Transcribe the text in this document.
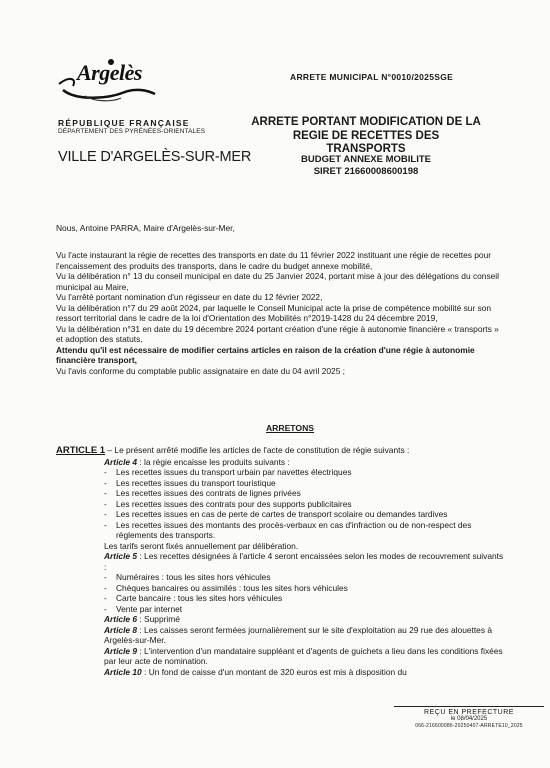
Argelès
RÉPUBLIQUE FRANÇAISE
DÉPARTEMENT DES PYRÉNÉES-ORIENTALES
VILLE D'ARGELÈS-SUR-MER
ARRETE MUNICIPAL N°0010/2025SGE
ARRETE PORTANT MODIFICATION DE LA
REGIE DE RECETTES DES
TRANSPORTS
BUDGET ANNEXE MOBILITE
SIRET 21660008600198
Nous, Antoine PARRA, Maire d'Argelès-sur-Mer,

Vu l'acte instaurant la régie de recettes des transports en date du 11 février 2022 instituant une régie de recettes pour l'encaissement des produits des transports, dans le cadre du budget annexe mobilité,

Vu la délibération n° 13 du conseil municipal en date du 25 Janvier 2024, portant mise à jour des délégations du conseil municipal au Maire,

Vu l'arrêté portant nomination d'un régisseur en date du 12 février 2022,

Vu la délibération n°7 du 29 août 2024, par laquelle le Conseil Municipal acte la prise de compétence mobilité sur son ressort territorial dans le cadre de la loi d'Orientation des Mobilités n°2019-1428 du 24 décembre 2019,

Vu la délibération n°31 en date du 19 décembre 2024 portant création d'une régie à autonomie financière « transports » et adoption des statuts,

Attendu qu'il est nécessaire de modifier certains articles en raison de la création d'une régie à autonomie financière transport,

Vu l'avis conforme du comptable public assignataire en date du 04 avril 2025 ;

ARRETONS
ARTICLE 1 – Le présent arrêté modifie les articles de l'acte de constitution de régie suivants :
Article 4 : la régie encaisse les produits suivants :
- Les recettes issues du transport urbain par navettes électriques
- Les recettes issues du transport touristique
- Les recettes issues des contrats de lignes privées
- Les recettes issues des contrats pour des supports publicitaires
- Les recettes issues en cas de perte de cartes de transport scolaire ou demandes tardives
- Les recettes issues des montants des procès-verbaux en cas d'infraction ou de non-respect des règlements des transports.
Les tarifs seront fixés annuellement par délibération.
Article 5 : Les recettes désignées à l'article 4 seront encaissées selon les modes de recouvrement suivants :
- Numéraires : tous les sites hors véhicules
- Chèques bancaires ou assimilés : tous les sites hors véhicules
- Carte bancaire : tous les sites hors véhicules
- Vente par internet
Article 6 : Supprimé
Article 8 : Les caisses seront fermées journalièrement sur le site d'exploitation au 29 rue des alouettes à Argelès-sur-Mer.
Article 9 : L'intervention d'un mandataire suppléant et d'agents de guichets a lieu dans les conditions fixées par leur acte de nomination.
Article 10 : Un fond de caisse d'un montant de 320 euros est mis à disposition du
REÇU EN PREFECTURE
le 08/04/2025
066-216600086-20250407-ARRETE10_2025
